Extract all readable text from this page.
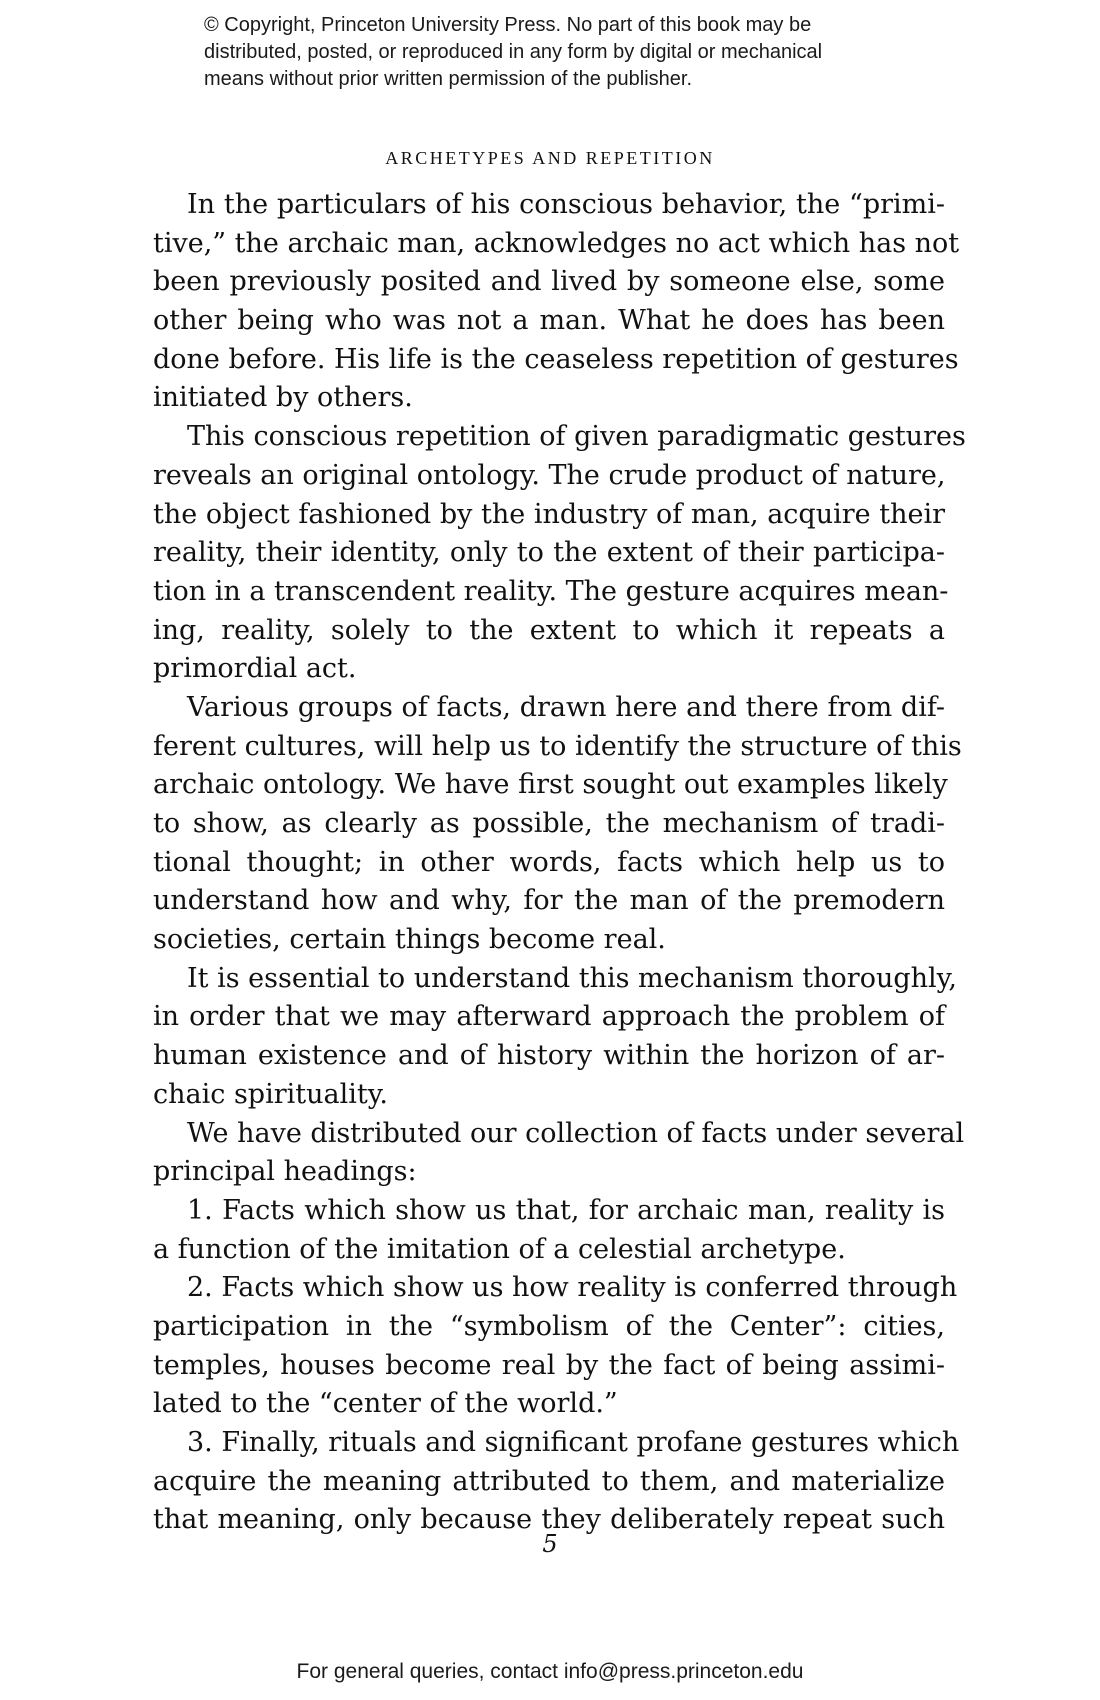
© Copyright, Princeton University Press. No part of this book may be
distributed, posted, or reproduced in any form by digital or mechanical
means without prior written permission of the publisher.
ARCHETYPES AND REPETITION
In the particulars of his conscious behavior, the “primi-
tive,” the archaic man, acknowledges no act which has not
been previously posited and lived by someone else, some
other being who was not a man. What he does has been
done before. His life is the ceaseless repetition of gestures
initiated by others.
This conscious repetition of given paradigmatic gestures
reveals an original ontology. The crude product of nature,
the object fashioned by the industry of man, acquire their
reality, their identity, only to the extent of their participa-
tion in a transcendent reality. The gesture acquires mean-
ing, reality, solely to the extent to which it repeats a
primordial act.
Various groups of facts, drawn here and there from dif-
ferent cultures, will help us to identify the structure of this
archaic ontology. We have first sought out examples likely
to show, as clearly as possible, the mechanism of tradi-
tional thought; in other words, facts which help us to
understand how and why, for the man of the premodern
societies, certain things become real.
It is essential to understand this mechanism thoroughly,
in order that we may afterward approach the problem of
human existence and of history within the horizon of ar-
chaic spirituality.
We have distributed our collection of facts under several
principal headings:
1. Facts which show us that, for archaic man, reality is
a function of the imitation of a celestial archetype.
2. Facts which show us how reality is conferred through
participation in the “symbolism of the Center”: cities,
temples, houses become real by the fact of being assimi-
lated to the “center of the world.”
3. Finally, rituals and significant profane gestures which
acquire the meaning attributed to them, and materialize
that meaning, only because they deliberately repeat such
5
For general queries, contact info@press.princeton.edu
